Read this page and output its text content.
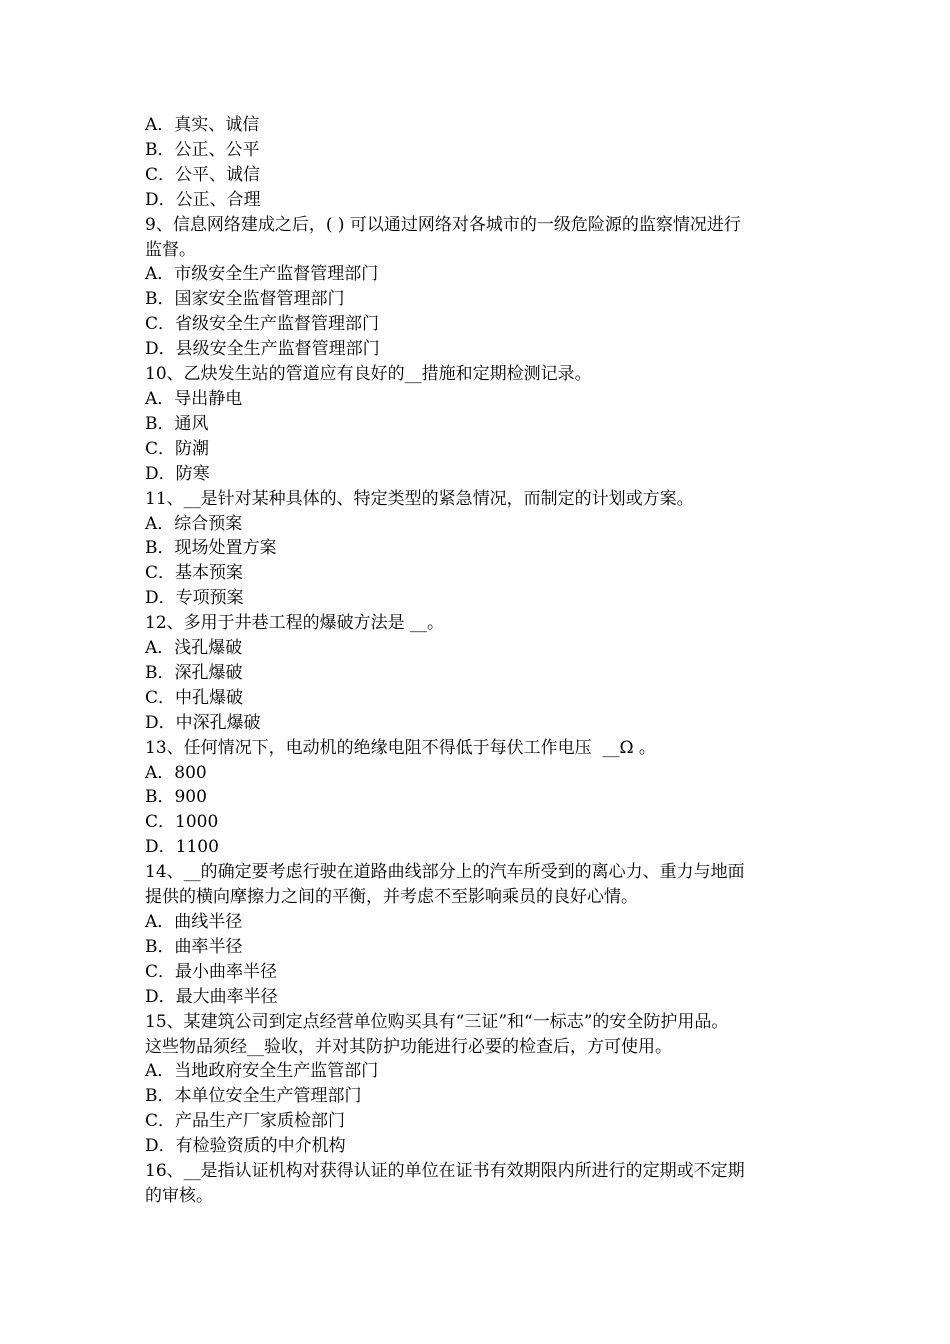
A．真实、诚信

B．公正、公平

C．公平、诚信

D．公正、合理

9、信息网络建成之后，( ) 可以通过网络对各城市的一级危险源的监察情况进行

监督。

A．市级安全生产监督管理部门

B．国家安全监督管理部门

C．省级安全生产监督管理部门

D．县级安全生产监督管理部门

10、乙炔发生站的管道应有良好的__措施和定期检测记录。

A．导出静电

B．通风

C．防潮

D．防寒

11、__是针对某种具体的、特定类型的紧急情况，而制定的计划或方案。

A．综合预案

B．现场处置方案

C．基本预案

D．专项预案

12、多用于井巷工程的爆破方法是 __。

A．浅孔爆破

B．深孔爆破

C．中孔爆破

D．中深孔爆破

13、任何情况下，电动机的绝缘电阻不得低于每伏工作电压  __Ω 。

A．800

B．900

C．1000

D．1100

14、__的确定要考虑行驶在道路曲线部分上的汽车所受到的离心力、重力与地面

提供的横向摩擦力之间的平衡，并考虑不至影响乘员的良好心情。

A．曲线半径

B．曲率半径

C．最小曲率半径

D．最大曲率半径

15、某建筑公司到定点经营单位购买具有“三证”和“一标志”的安全防护用品。

这些物品须经__验收，并对其防护功能进行必要的检查后，方可使用。

A．当地政府安全生产监管部门

B．本单位安全生产管理部门

C．产品生产厂家质检部门

D．有检验资质的中介机构

16、__是指认证机构对获得认证的单位在证书有效期限内所进行的定期或不定期

的审核。
